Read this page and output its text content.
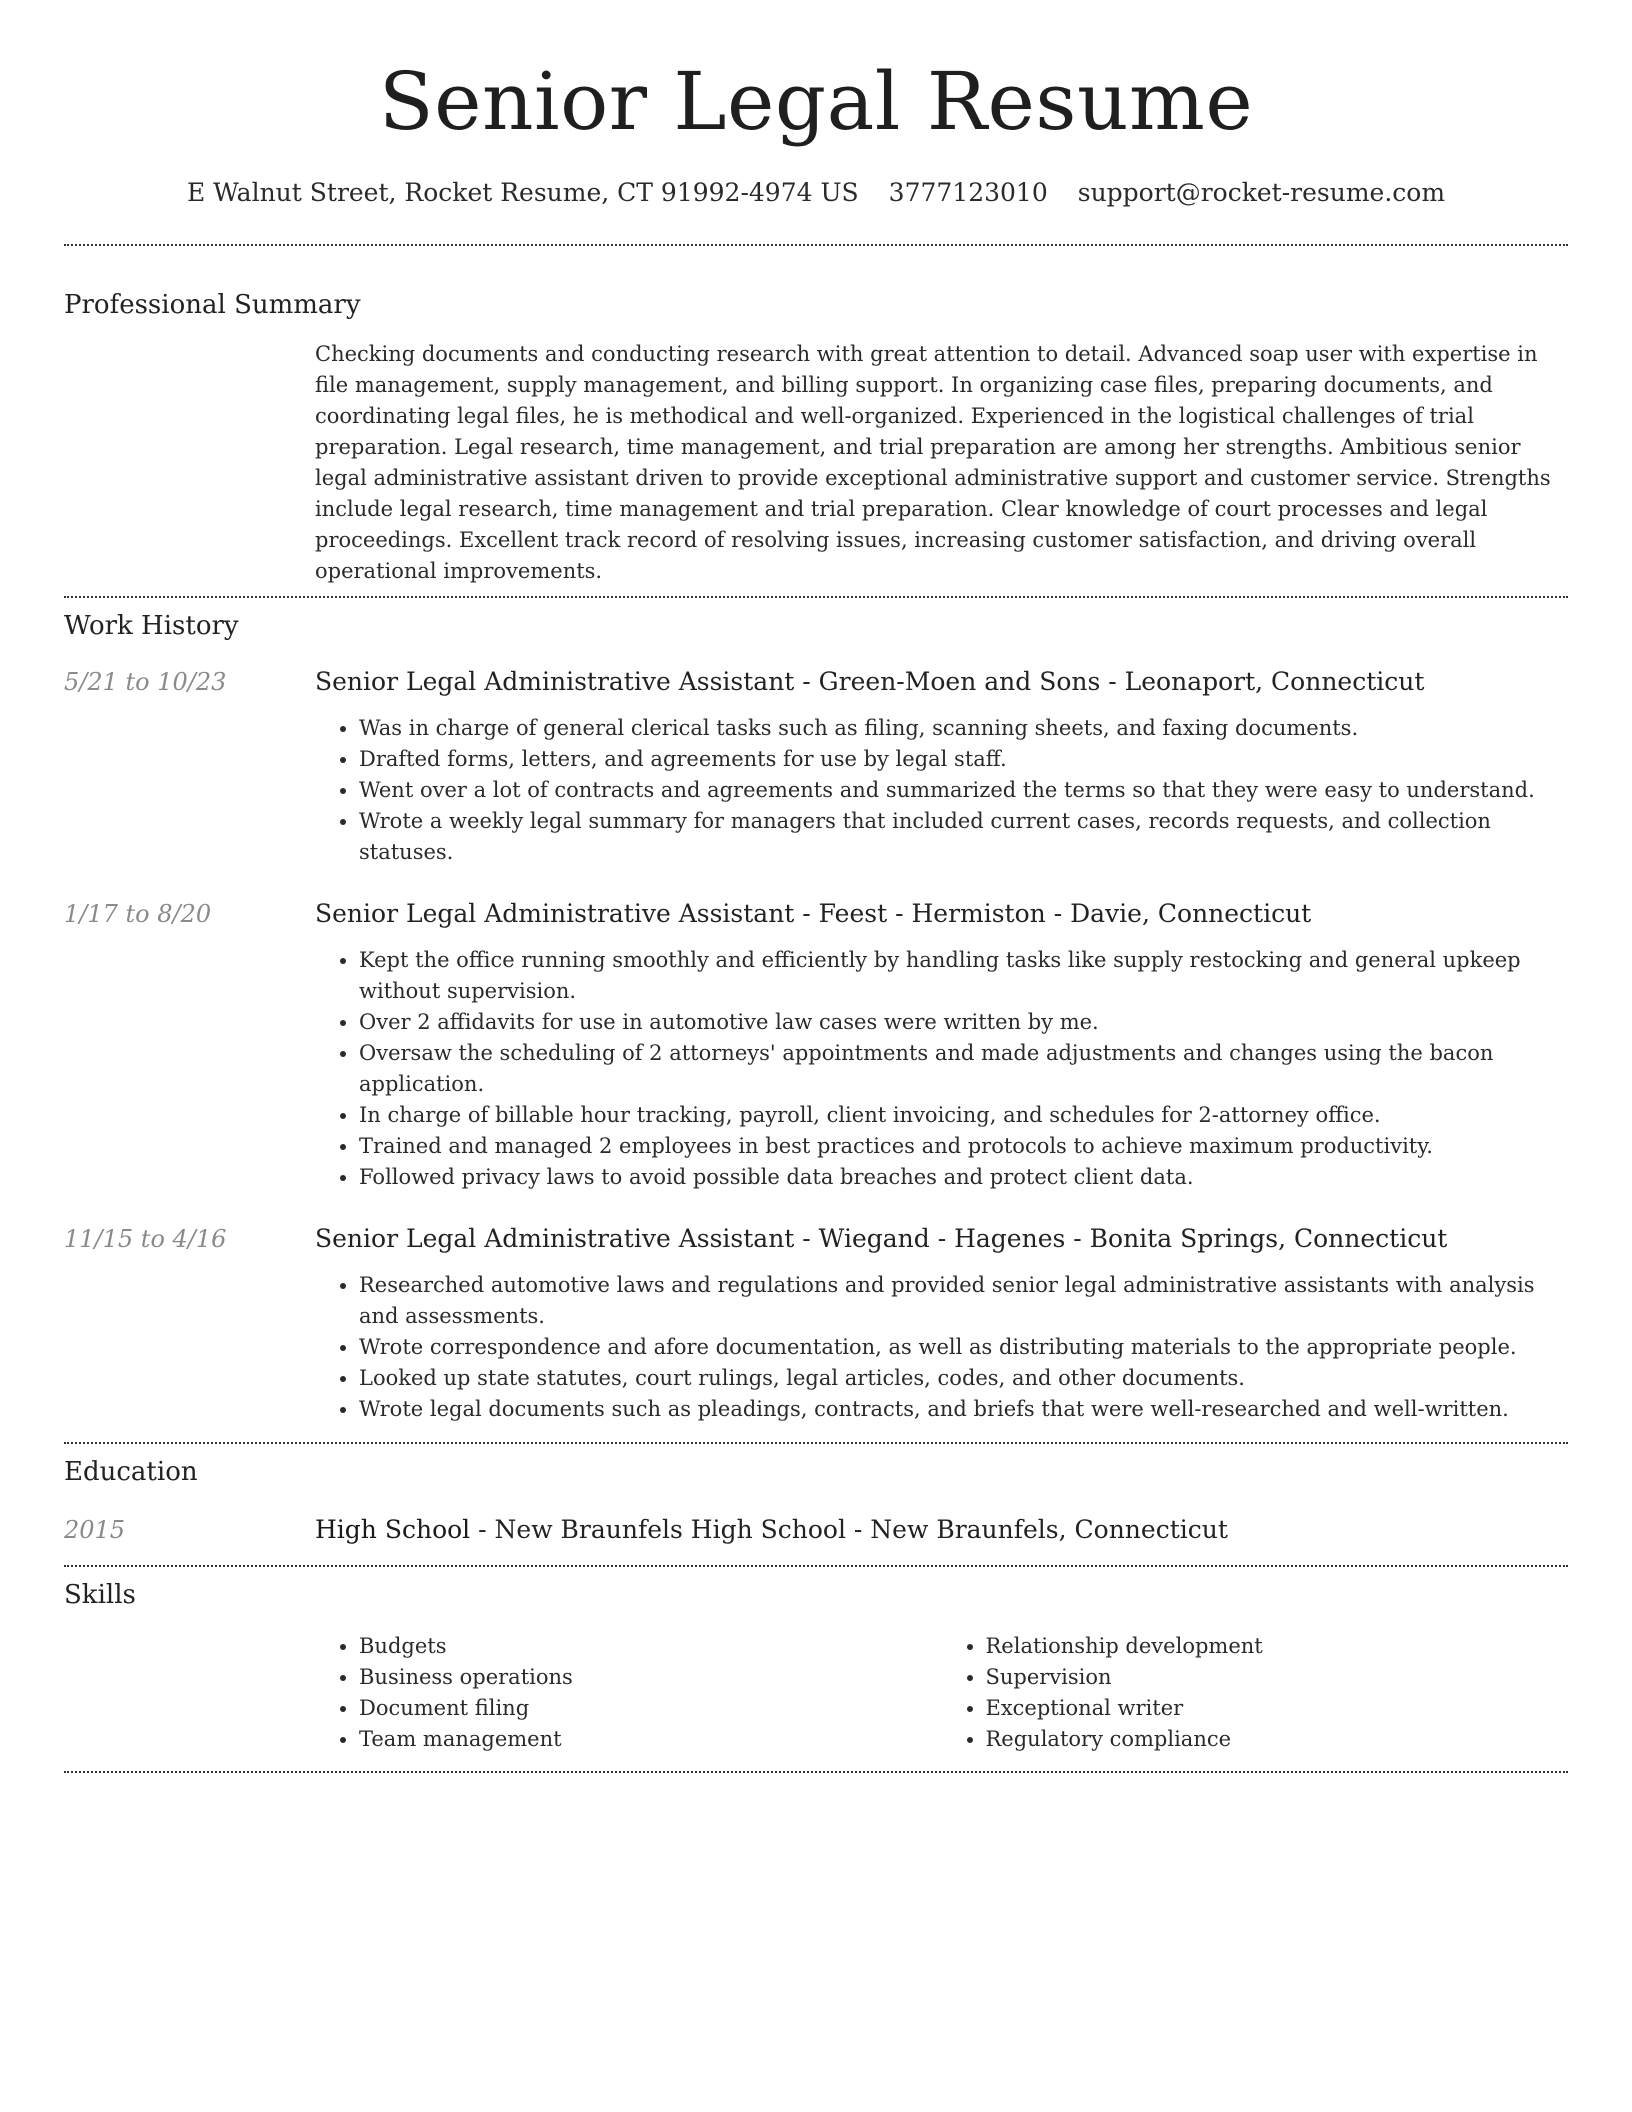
Senior Legal Resume
E Walnut Street, Rocket Resume, CT 91992-4974 US 3777123010 support@rocket-resume.com
Professional Summary

Checking documents and conducting research with great attention to detail. Advanced soap user with expertise in file management, supply management, and billing support. In organizing case files, preparing documents, and coordinating legal files, he is methodical and well-organized. Experienced in the logistical challenges of trial preparation. Legal research, time management, and trial preparation are among her strengths. Ambitious senior legal administrative assistant driven to provide exceptional administrative support and customer service. Strengths include legal research, time management and trial preparation. Clear knowledge of court processes and legal proceedings. Excellent track record of resolving issues, increasing customer satisfaction, and driving overall operational improvements.

Work History
5/21 to 10/23	Senior Legal Administrative Assistant - Green-Moen and Sons - Leonaport, Connecticut
• Was in charge of general clerical tasks such as filing, scanning sheets, and faxing documents.
• Drafted forms, letters, and agreements for use by legal staff.
• Went over a lot of contracts and agreements and summarized the terms so that they were easy to understand.
• Wrote a weekly legal summary for managers that included current cases, records requests, and collection statuses.
1/17 to 8/20	Senior Legal Administrative Assistant - Feest - Hermiston - Davie, Connecticut
• Kept the office running smoothly and efficiently by handling tasks like supply restocking and general upkeep without supervision.
• Over 2 affidavits for use in automotive law cases were written by me.
• Oversaw the scheduling of 2 attorneys' appointments and made adjustments and changes using the bacon application.
• In charge of billable hour tracking, payroll, client invoicing, and schedules for 2-attorney office.
• Trained and managed 2 employees in best practices and protocols to achieve maximum productivity.
• Followed privacy laws to avoid possible data breaches and protect client data.
11/15 to 4/16	Senior Legal Administrative Assistant - Wiegand - Hagenes - Bonita Springs, Connecticut
• Researched automotive laws and regulations and provided senior legal administrative assistants with analysis and assessments.
• Wrote correspondence and afore documentation, as well as distributing materials to the appropriate people.
• Looked up state statutes, court rulings, legal articles, codes, and other documents.
• Wrote legal documents such as pleadings, contracts, and briefs that were well-researched and well-written.
Education
2015	High School - New Braunfels High School - New Braunfels, Connecticut
Skills
• Budgets
• Business operations
• Document filing
• Team management
• Relationship development
• Supervision
• Exceptional writer
• Regulatory compliance
